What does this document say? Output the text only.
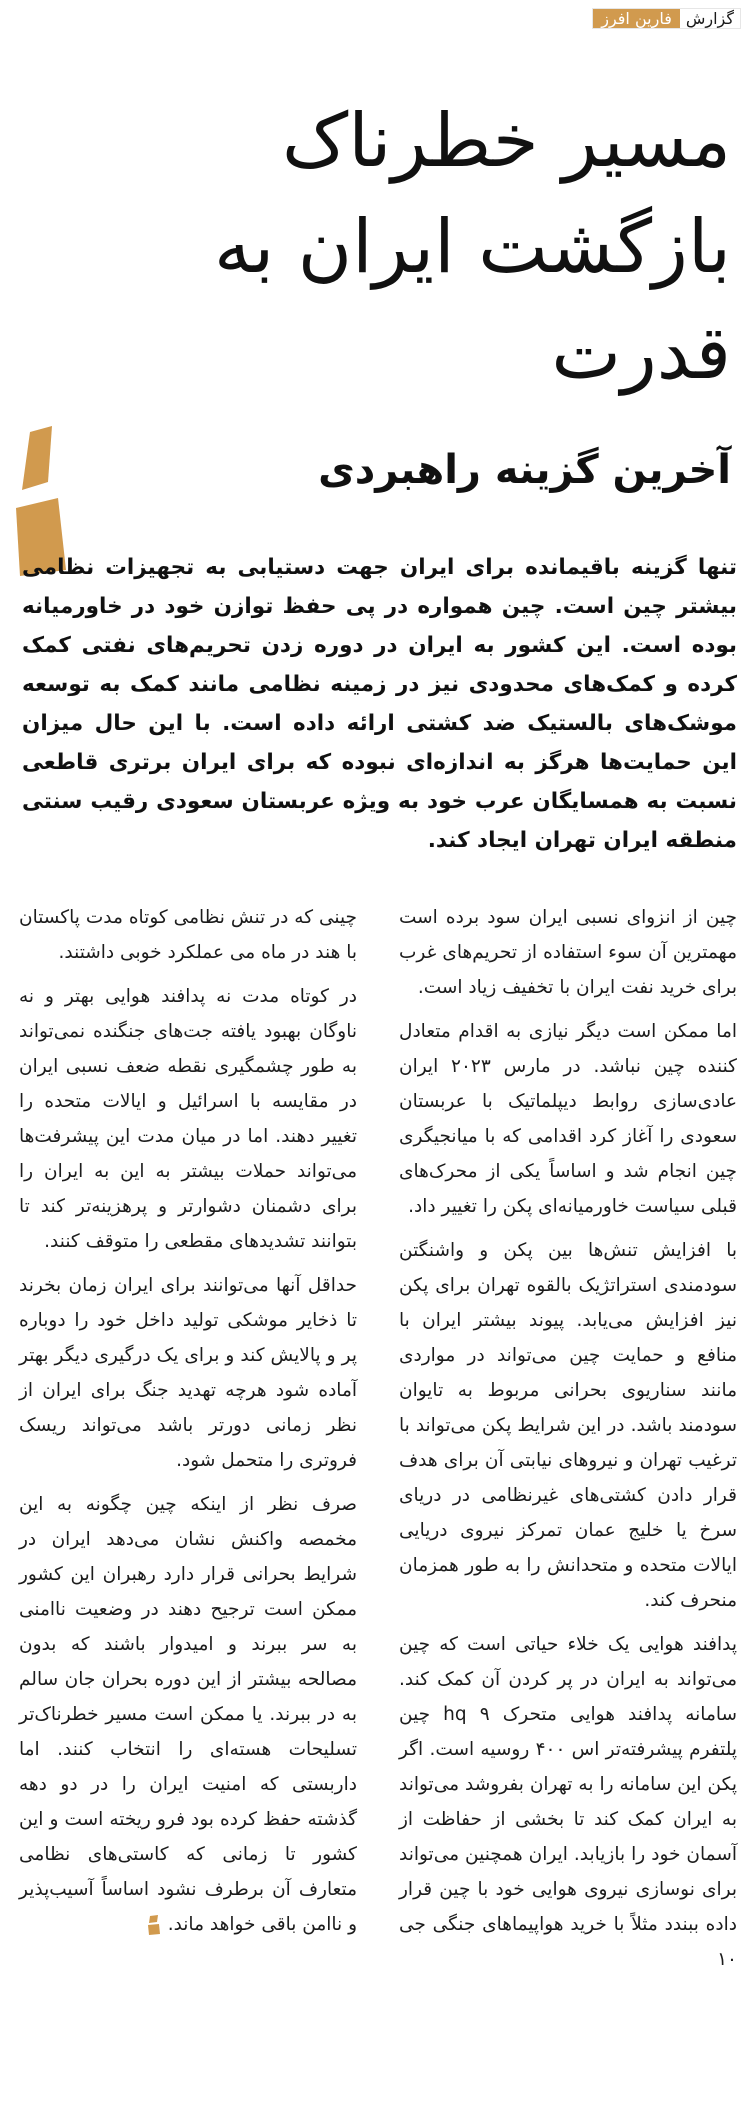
گزارش
فارین افرز
مسیر خطرناک بازگشت ایران به قدرت
آخرین گزینه راهبردی

تنها گزینه باقیمانده برای ایران جهت دستیابی به تجهیزات نظامی بیشتر چین است. چین همواره در پی حفظ توازن خود در خاورمیانه بوده است. این کشور به ایران در دوره زدن تحریم‌های نفتی کمک کرده و کمک‌های محدودی نیز در زمینه نظامی مانند کمک به توسعه موشک‌های بالستیک ضد کشتی ارائه داده است. با این حال میزان این حمایت‌ها هرگز به اندازه‌ای نبوده که برای ایران برتری قاطعی نسبت به همسایگان عرب خود به ویژه عربستان سعودی رقیب سنتی منطقه ایران تهران ایجاد کند.

چین از انزوای نسبی ایران سود برده است مهمترین آن سوء استفاده از تحریم‌های غرب برای خرید نفت ایران با تخفیف زیاد است.

اما ممکن است دیگر نیازی به اقدام متعادل کننده چین نباشد. در مارس ۲۰۲۳ ایران عادی‌سازی روابط دیپلماتیک با عربستان سعودی را آغاز کرد اقدامی که با میانجیگری چین انجام شد و اساساً یکی از محرک‌های قبلی سیاست خاورمیانه‌ای پکن را تغییر داد.

با افزایش تنش‌ها بین پکن و واشنگتن سودمندی استراتژیک بالقوه تهران برای پکن نیز افزایش می‌یابد. پیوند بیشتر ایران با منافع و حمایت چین می‌تواند در مواردی مانند سناریوی بحرانی مربوط به تایوان سودمند باشد. در این شرایط پکن می‌تواند با ترغیب تهران و نیروهای نیابتی آن برای هدف قرار دادن کشتی‌های غیرنظامی در دریای سرخ یا خلیج عمان تمرکز نیروی دریایی ایالات متحده و متحدانش را به طور همزمان منحرف کند.

پدافند هوایی یک خلاء حیاتی است که چین می‌تواند به ایران در پر کردن آن کمک کند. سامانه پدافند هوایی متحرک hq ۹ چین پلتفرم پیشرفته‌تر اس ۴۰۰ روسیه است. اگر پکن این سامانه را به تهران بفروشد می‌تواند به ایران کمک کند تا بخشی از حفاظت از آسمان خود را بازیابد. ایران همچنین می‌تواند برای نوسازی نیروی هوایی خود با چین قرار داده ببندد مثلاً با خرید هواپیماهای جنگی جی ۱۰

چینی که در تنش نظامی کوتاه مدت پاکستان با هند در ماه می عملکرد خوبی داشتند.

در کوتاه مدت نه پدافند هوایی بهتر و نه ناوگان بهبود یافته جت‌های جنگنده نمی‌تواند به طور چشمگیری نقطه ضعف نسبی ایران در مقایسه با اسرائیل و ایالات متحده را تغییر دهند. اما در میان مدت این پیشرفت‌ها می‌تواند حملات بیشتر به این به ایران را برای دشمنان دشوارتر و پرهزینه‌تر کند تا بتوانند تشدیدهای مقطعی را متوقف کنند.

حداقل آنها می‌توانند برای ایران زمان بخرند تا ذخایر موشکی تولید داخل خود را دوباره پر و پالایش کند و برای یک درگیری دیگر بهتر آماده شود هرچه تهدید جنگ برای ایران از نظر زمانی دورتر باشد می‌تواند ریسک فروتری را متحمل شود.

صرف نظر از اینکه چین چگونه به این مخمصه واکنش نشان می‌دهد ایران در شرایط بحرانی قرار دارد رهبران این کشور ممکن است ترجیح دهند در وضعیت ناامنی به سر ببرند و امیدوار باشند که بدون مصالحه بیشتر از این دوره بحران جان سالم به در ببرند. یا ممکن است مسیر خطرناک‌تر تسلیحات هسته‌ای را انتخاب کنند. اما داربستی که امنیت ایران را در دو دهه گذشته حفظ کرده بود فرو ریخته است و این کشور تا زمانی که کاستی‌های نظامی متعارف آن برطرف نشود اساساً آسیب‌پذیر و ناامن باقی خواهد ماند.
